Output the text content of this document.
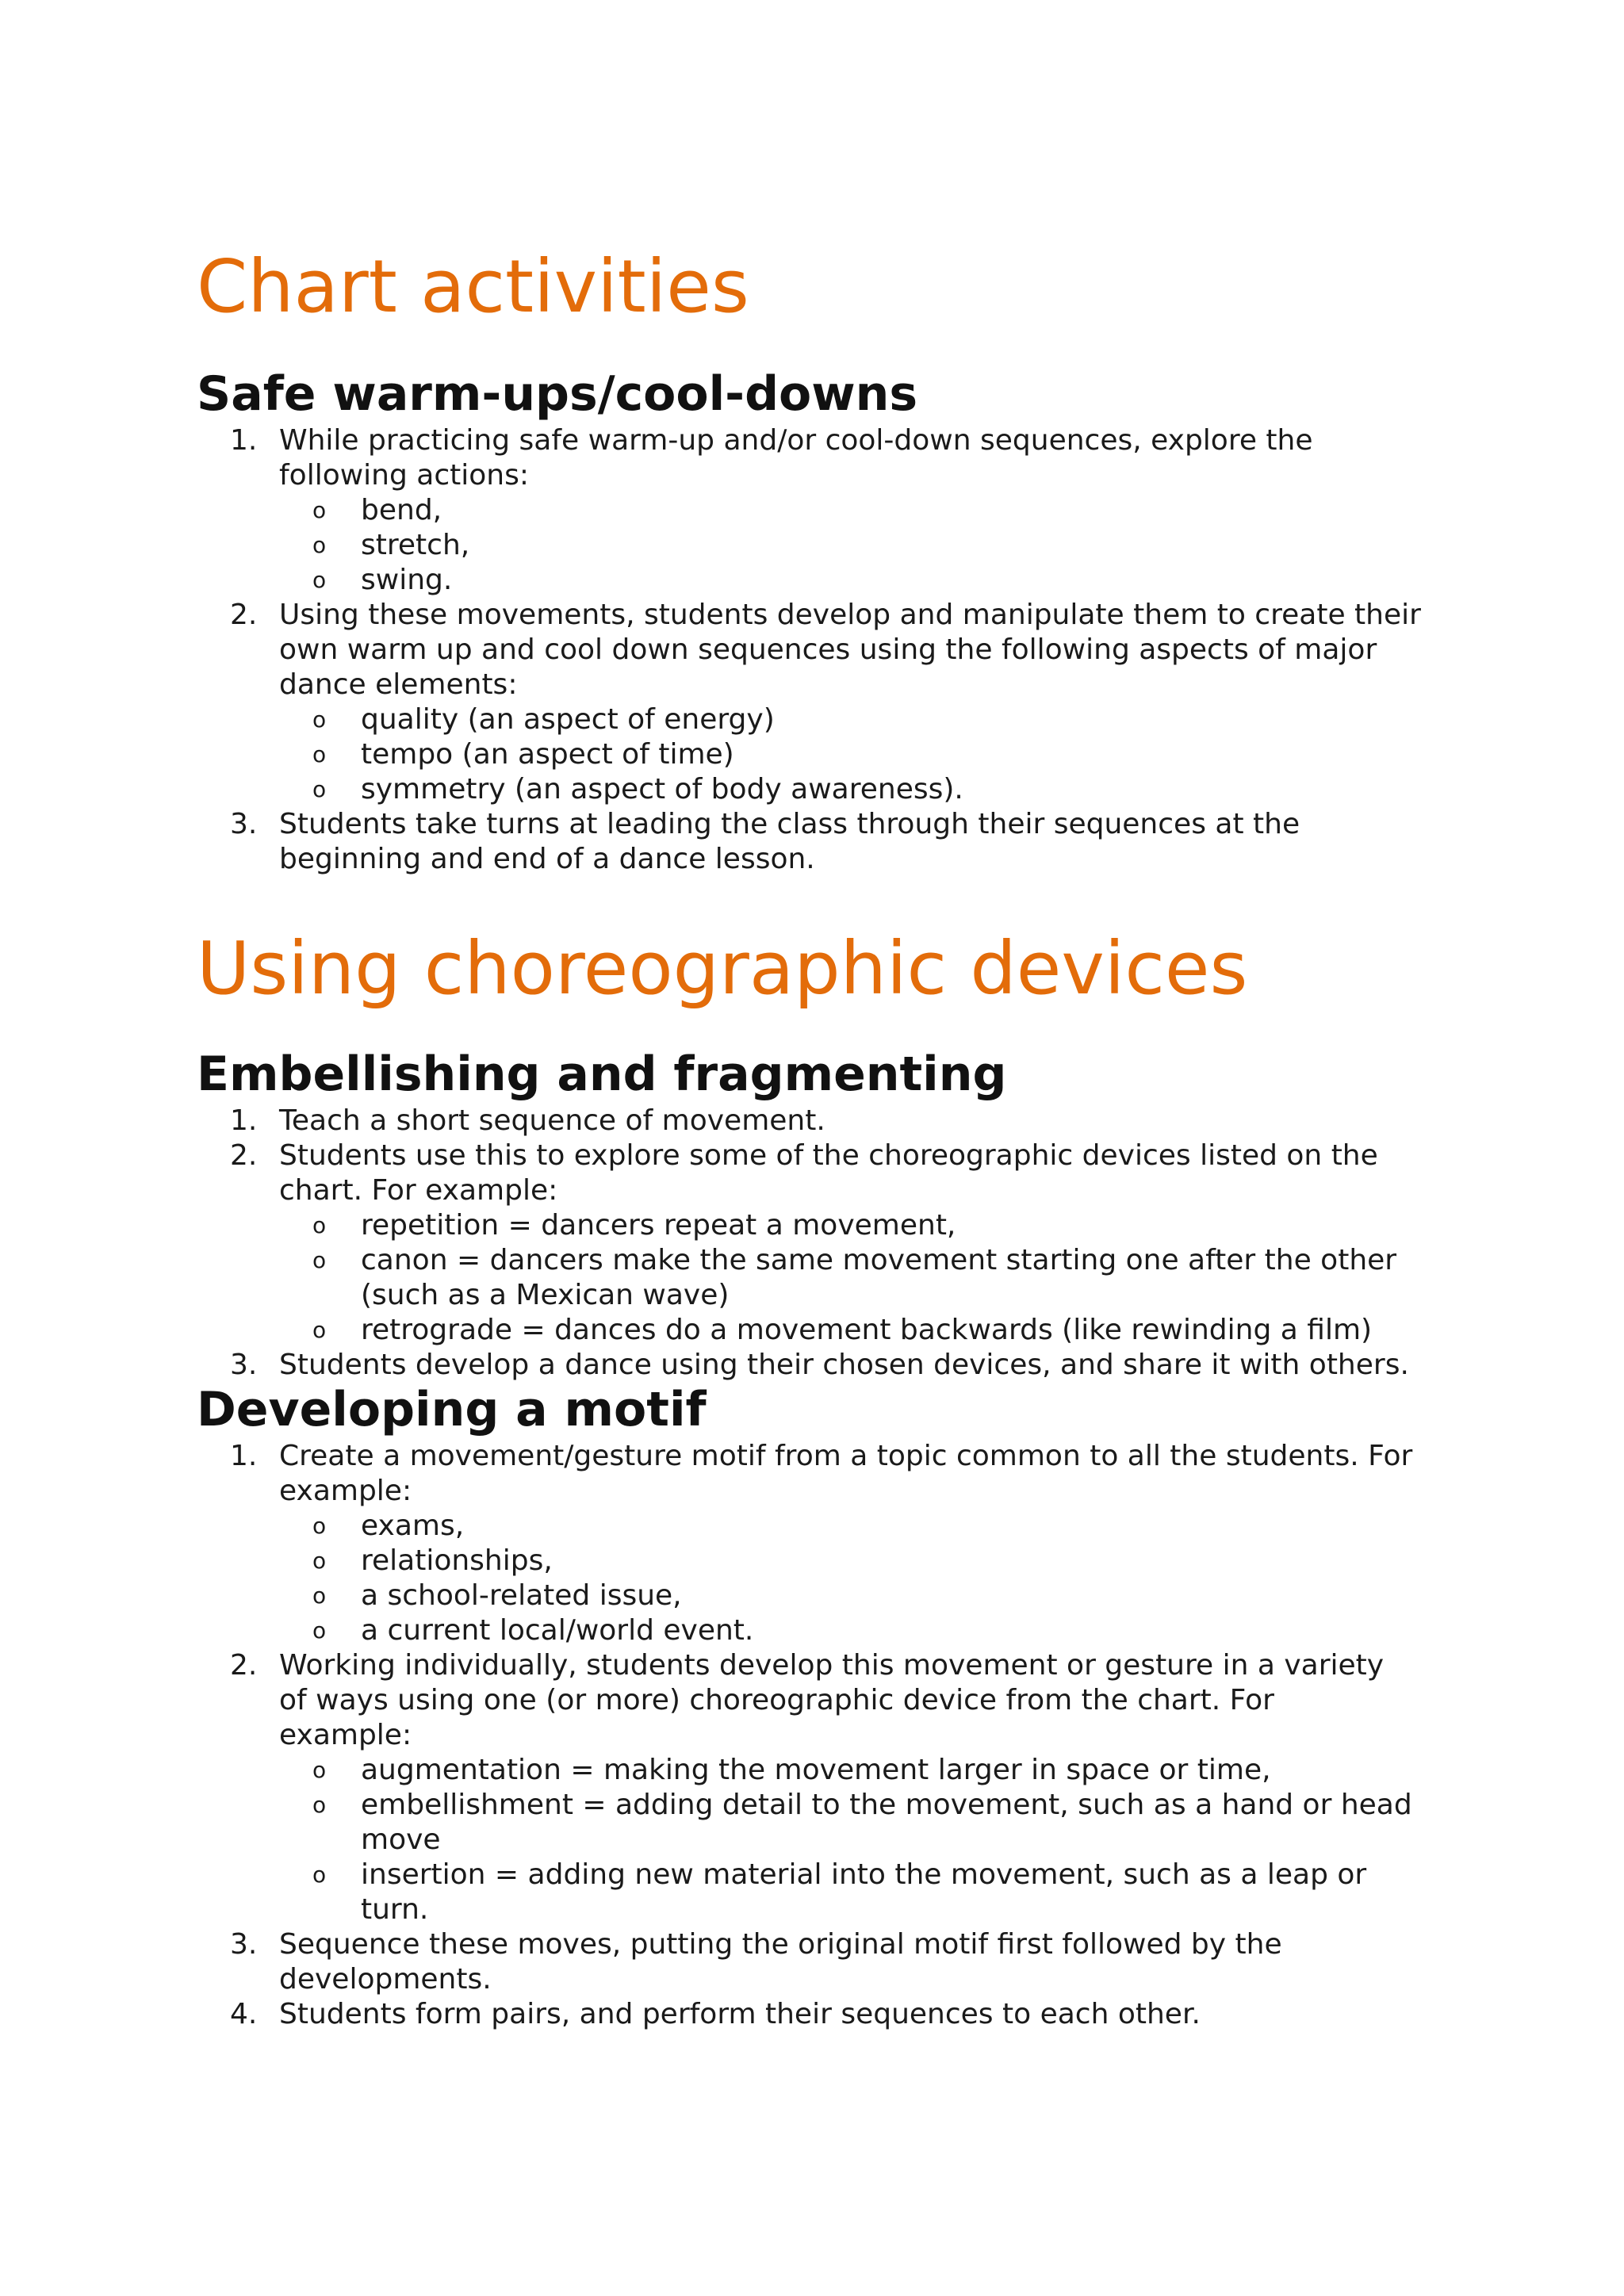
Chart activities
Safe warm-ups/cool-downs
1. While practicing safe warm-up and/or cool-down sequences, explore the
following actions:
o bend,
o stretch,
o swing.
2. Using these movements, students develop and manipulate them to create their
own warm up and cool down sequences using the following aspects of major
dance elements:
o quality (an aspect of energy)
o tempo (an aspect of time)
o symmetry (an aspect of body awareness).
3. Students take turns at leading the class through their sequences at the
beginning and end of a dance lesson.
Using choreographic devices
Embellishing and fragmenting
1. Teach a short sequence of movement.
2. Students use this to explore some of the choreographic devices listed on the
chart. For example:
o repetition = dancers repeat a movement,
o canon = dancers make the same movement starting one after the other
(such as a Mexican wave)
o retrograde = dances do a movement backwards (like rewinding a film)
3. Students develop a dance using their chosen devices, and share it with others.
Developing a motif
1. Create a movement/gesture motif from a topic common to all the students. For
example:
o exams,
o relationships,
o a school-related issue,
o a current local/world event.
2. Working individually, students develop this movement or gesture in a variety
of ways using one (or more) choreographic device from the chart. For
example:
o augmentation = making the movement larger in space or time,
o embellishment = adding detail to the movement, such as a hand or head
move
o insertion = adding new material into the movement, such as a leap or
turn.
3. Sequence these moves, putting the original motif first followed by the
developments.
4. Students form pairs, and perform their sequences to each other.
